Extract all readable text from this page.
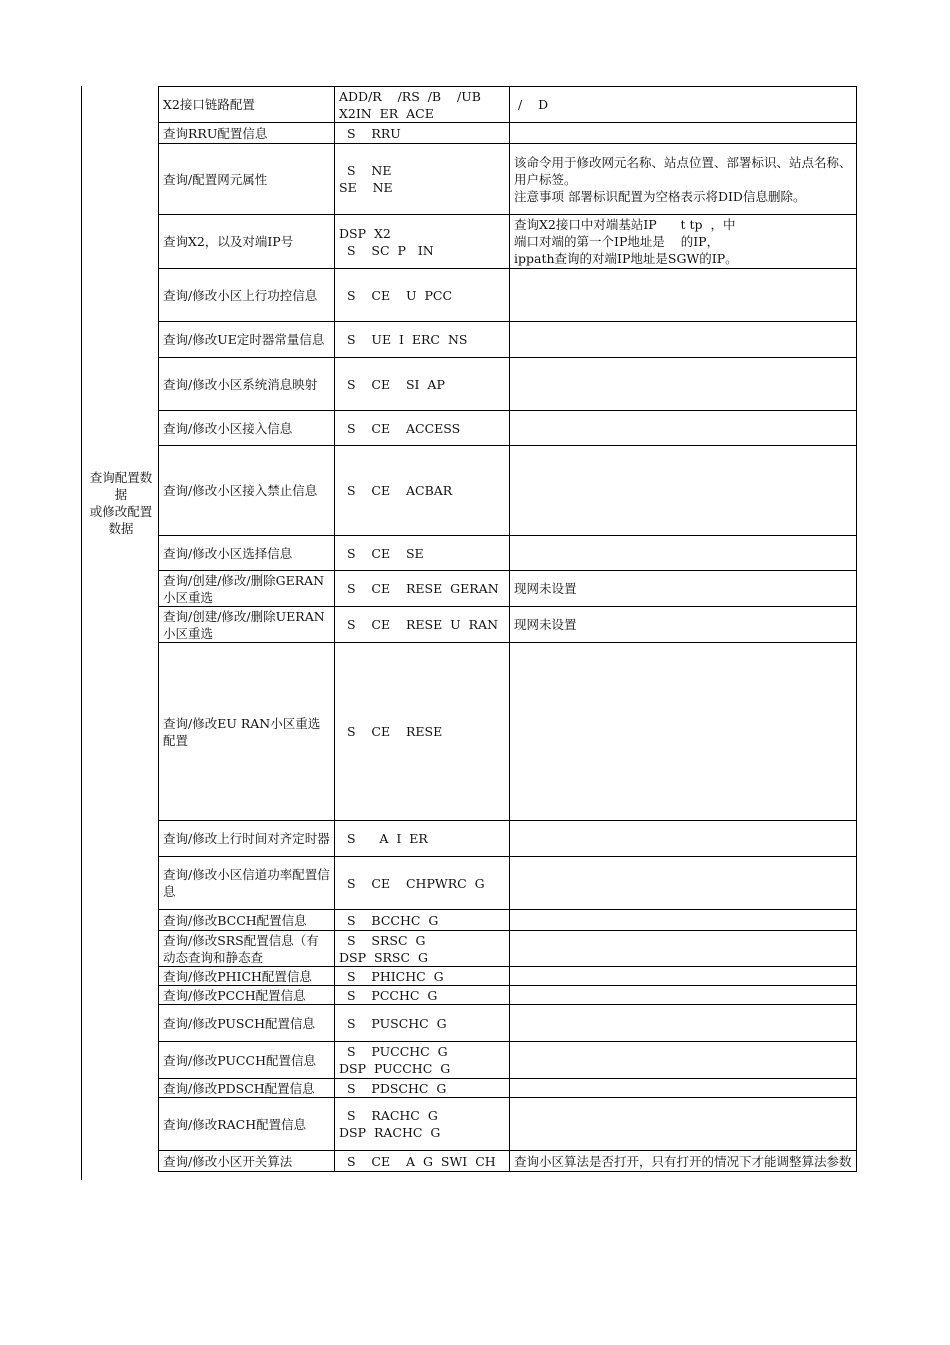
查询配置数
据
或修改配置
数据
X2接口链路配置	ADD/R    /RS  /B    /UB
X2IN  ER  ACE	/    D

查询RRU配置信息	S    RRU	

查询/配置网元属性	S    NE
SE    NE	该命令用于修改网元名称、站点位置、部署标识、站点名称、用户标签。
注意事项 部署标识配置为空格表示将DID信息删除。

查询X2，以及对端IP号	DSP  X2
S    SC  P   IN	查询X2接口中对端基站IP      t tp  ，中
端口对端的第一个IP地址是    的IP，
ippath查询的对端IP地址是SGW的IP。

查询/修改小区上行功控信息	S    CE    U  PCC	

查询/修改UE定时器常量信息	S    UE  I  ERC  NS	

查询/修改小区系统消息映射	S    CE    SI  AP	

查询/修改小区接入信息	S    CE    ACCESS	

查询/修改小区接入禁止信息	S    CE    ACBAR	

查询/修改小区选择信息	S    CE    SE	

查询/创建/修改/删除GERAN小区重选	S    CE    RESE  GERAN	现网未设置

查询/创建/修改/删除UERAN小区重选	S    CE    RESE  U  RAN	现网未设置

查询/修改EU RAN小区重选配置	S    CE    RESE	

查询/修改上行时间对齐定时器	S      A  I  ER	

查询/修改小区信道功率配置信息	S    CE    CHPWRC  G	

查询/修改BCCH配置信息	S    BCCHC  G	

查询/修改SRS配置信息（有动态查询和静态查	S    SRSC  G
DSP  SRSC  G	

查询/修改PHICH配置信息	S    PHICHC  G	

查询/修改PCCH配置信息	S    PCCHC  G	

查询/修改PUSCH配置信息	S    PUSCHC  G	

查询/修改PUCCH配置信息	S    PUCCHC  G
DSP  PUCCHC  G	

查询/修改PDSCH配置信息	S    PDSCHC  G	

查询/修改RACH配置信息	S    RACHC  G
DSP  RACHC  G	

查询/修改小区开关算法	S    CE    A  G  SWI  CH	查询小区算法是否打开，只有打开的情况下才能调整算法参数
